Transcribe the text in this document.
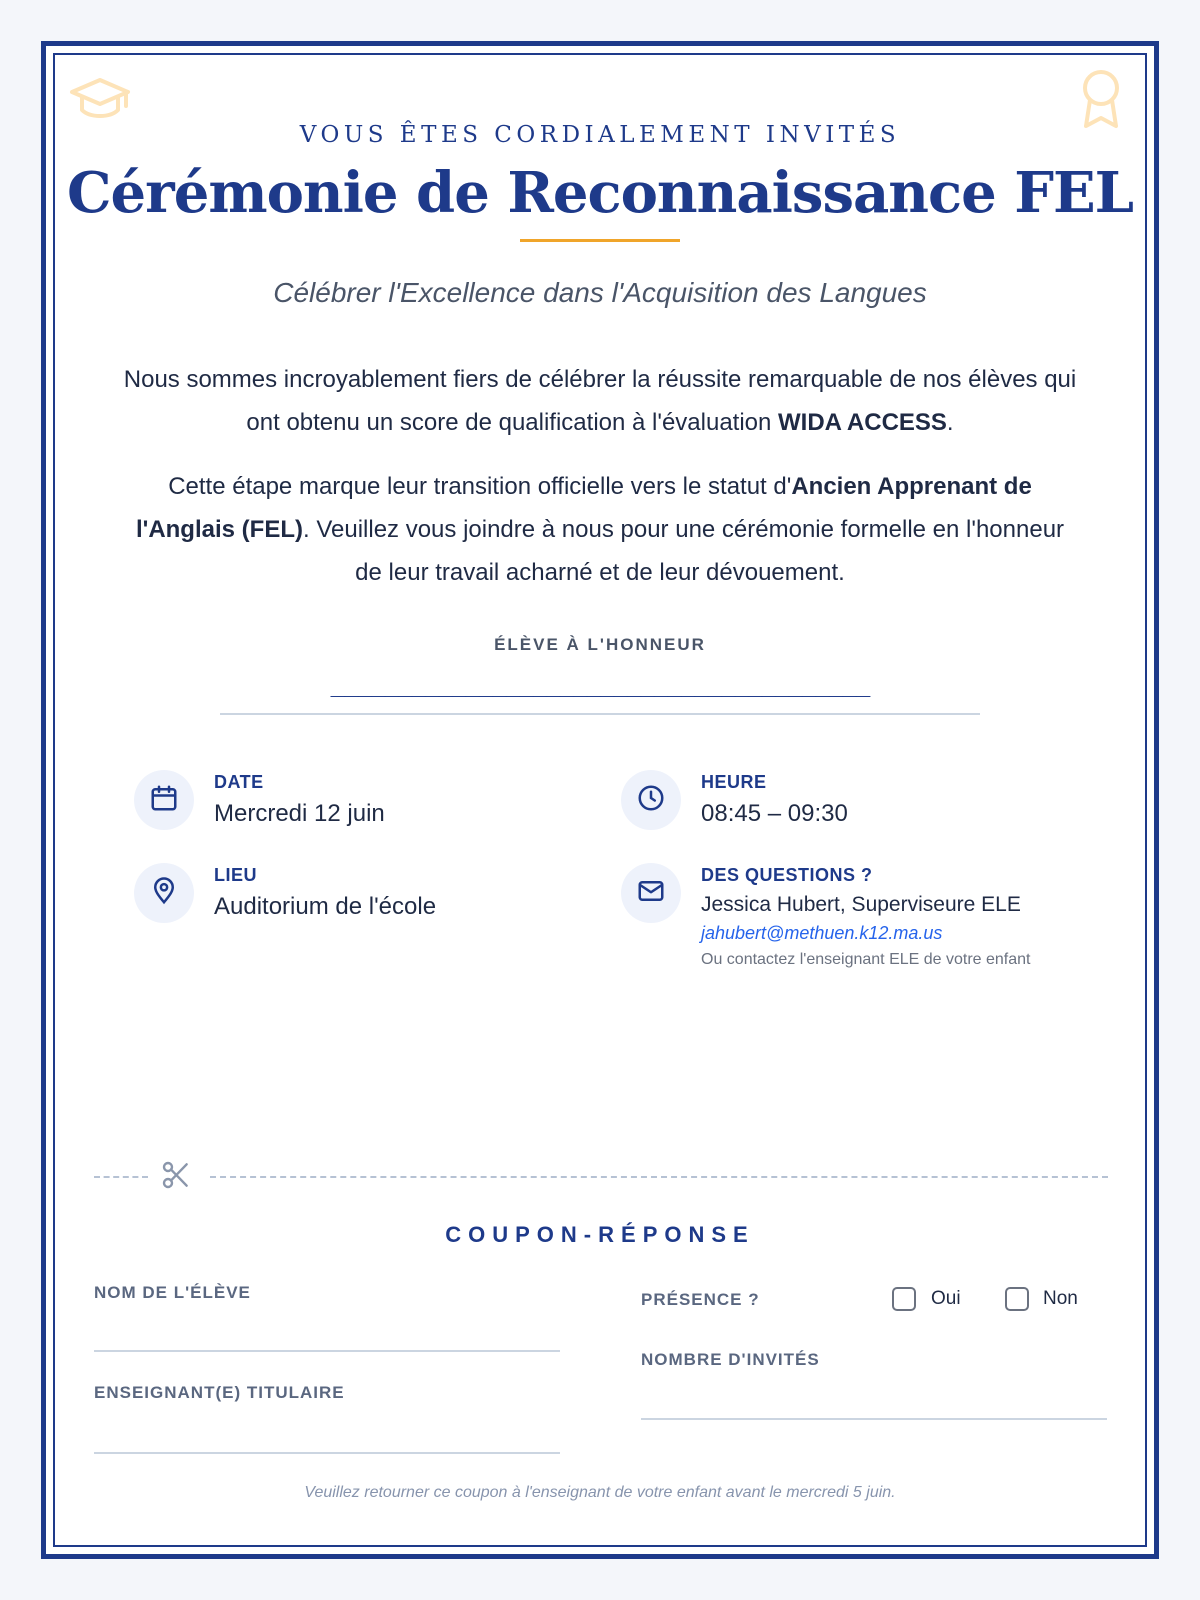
VOUS ÊTES CORDIALEMENT INVITÉS
Cérémonie de Reconnaissance FEL
Célébrer l'Excellence dans l'Acquisition des Langues
Nous sommes incroyablement fiers de célébrer la réussite remarquable de nos élèves qui ont obtenu un score de qualification à l'évaluation WIDA ACCESS.
Cette étape marque leur transition officielle vers le statut d'Ancien Apprenant de l'Anglais (FEL). Veuillez vous joindre à nous pour une cérémonie formelle en l'honneur de leur travail acharné et de leur dévouement.
ÉLÈVE À L'HONNEUR
________________________________________
DATE
Mercredi 12 juin
HEURE
08:45 – 09:30
LIEU
Auditorium de l'école
DES QUESTIONS ?
Jessica Hubert, Superviseure ELE
jahubert@methuen.k12.ma.us
Ou contactez l'enseignant ELE de votre enfant
COUPON-RÉPONSE
NOM DE L'ÉLÈVE
ENSEIGNANT(E) TITULAIRE
PRÉSENCE ?	Oui	Non
NOMBRE D'INVITÉS
Veuillez retourner ce coupon à l'enseignant de votre enfant avant le mercredi 5 juin.
